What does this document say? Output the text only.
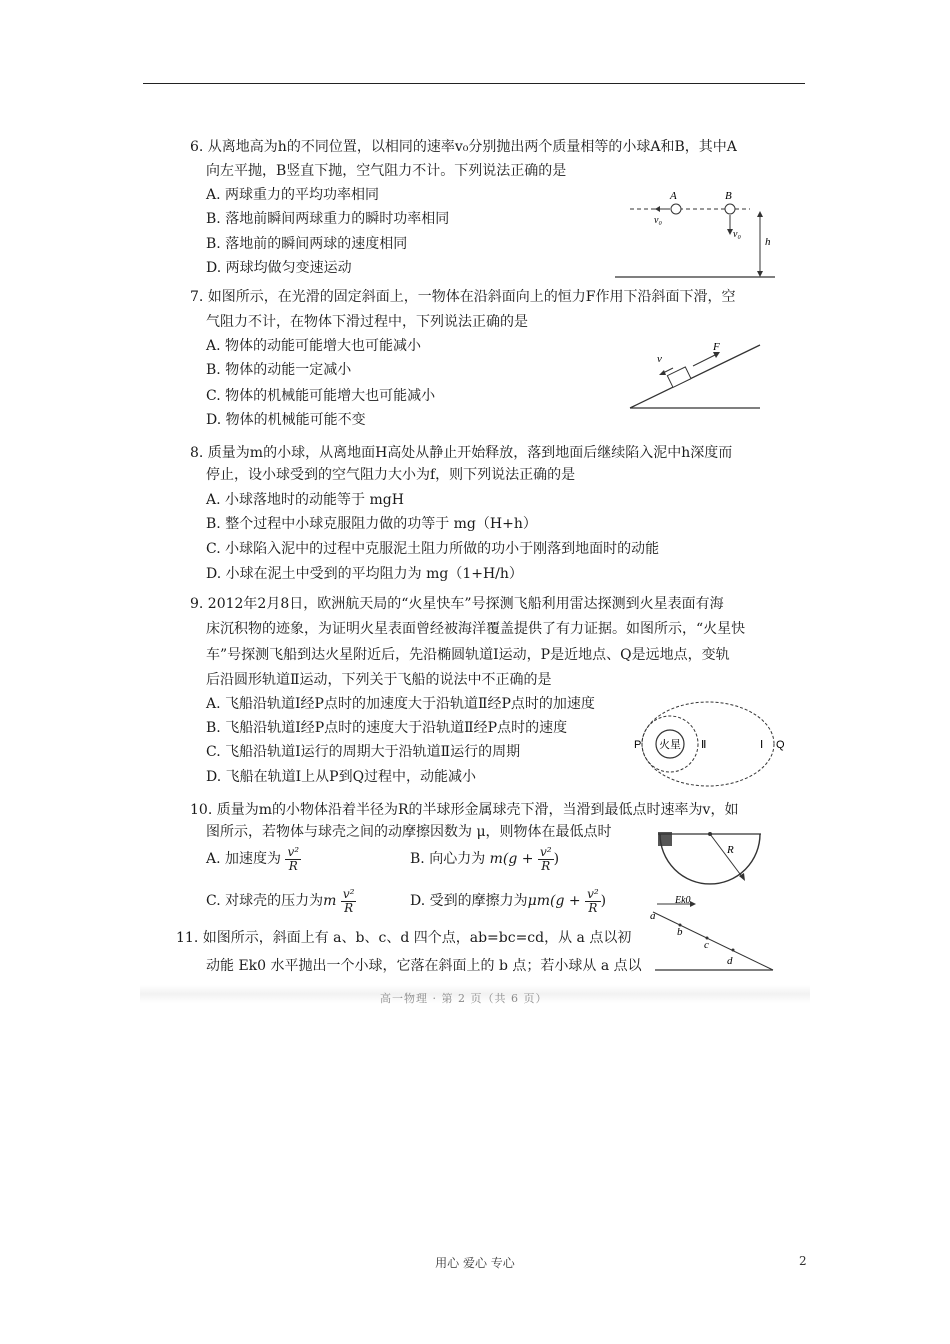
6. 从离地高为h的不同位置，以相同的速率v₀分别抛出两个质量相等的小球A和B，其中A
向左平抛，B竖直下抛，空气阻力不计。下列说法正确的是
A. 两球重力的平均功率相同
B. 落地前瞬间两球重力的瞬时功率相同
B. 落地前的瞬间两球的速度相同
D. 两球均做匀变速运动
A	B
v₀
v₀
h
7. 如图所示，在光滑的固定斜面上，一物体在沿斜面向上的恒力F作用下沿斜面下滑，空
气阻力不计，在物体下滑过程中，下列说法正确的是
A. 物体的动能可能增大也可能减小
B. 物体的动能一定减小
C. 物体的机械能可能增大也可能减小
D. 物体的机械能可能不变
v
F
8. 质量为m的小球，从离地面H高处从静止开始释放，落到地面后继续陷入泥中h深度而
停止，设小球受到的空气阻力大小为f，则下列说法正确的是
A. 小球落地时的动能等于 mgH
B. 整个过程中小球克服阻力做的功等于 mg（H+h）
C. 小球陷入泥中的过程中克服泥土阻力所做的功小于刚落到地面时的动能
D. 小球在泥土中受到的平均阻力为 mg（1+H/h）
9. 2012年2月8日，欧洲航天局的“火星快车”号探测飞船利用雷达探测到火星表面有海
床沉积物的迹象，为证明火星表面曾经被海洋覆盖提供了有力证据。如图所示，“火星快
车”号探测飞船到达火星附近后，先沿椭圆轨道Ⅰ运动，P是近地点、Q是远地点，变轨
后沿圆形轨道Ⅱ运动，下列关于飞船的说法中不正确的是
A. 飞船沿轨道Ⅰ经P点时的加速度大于沿轨道Ⅱ经P点时的加速度
B. 飞船沿轨道Ⅰ经P点时的速度大于沿轨道Ⅱ经P点时的速度
C. 飞船沿轨道Ⅰ运行的周期大于沿轨道Ⅱ运行的周期
D. 飞船在轨道Ⅰ上从P到Q过程中，动能减小
火星
P	Q
Ⅰ
Ⅱ
10. 质量为m的小物体沿着半径为R的半球形金属球壳下滑，当滑到最低点时速率为v，如
图所示，若物体与球壳之间的动摩擦因数为 μ，则物体在最低点时
A. 加速度为 $\frac{\text{v²}}{R}$	B. 向心力为 $m(g + \frac{\text{v²}}{R}$ )
C. 对球壳的压力为m $\frac{\text{v²}}{R}$	D. 受到的摩擦力为$\mu m(g + \frac{\text{v²}}{R}$ )
R
11. 如图所示，斜面上有 a、b、c、d 四个点，ab=bc=cd，从 a 点以初
动能 Ek0 水平抛出一个小球，它落在斜面上的 b 点；若小球从 a 点以
Ek0
a
b
c
d
高一物理 · 第 2 页（共 6 页）
用心 爱心 专心	2
